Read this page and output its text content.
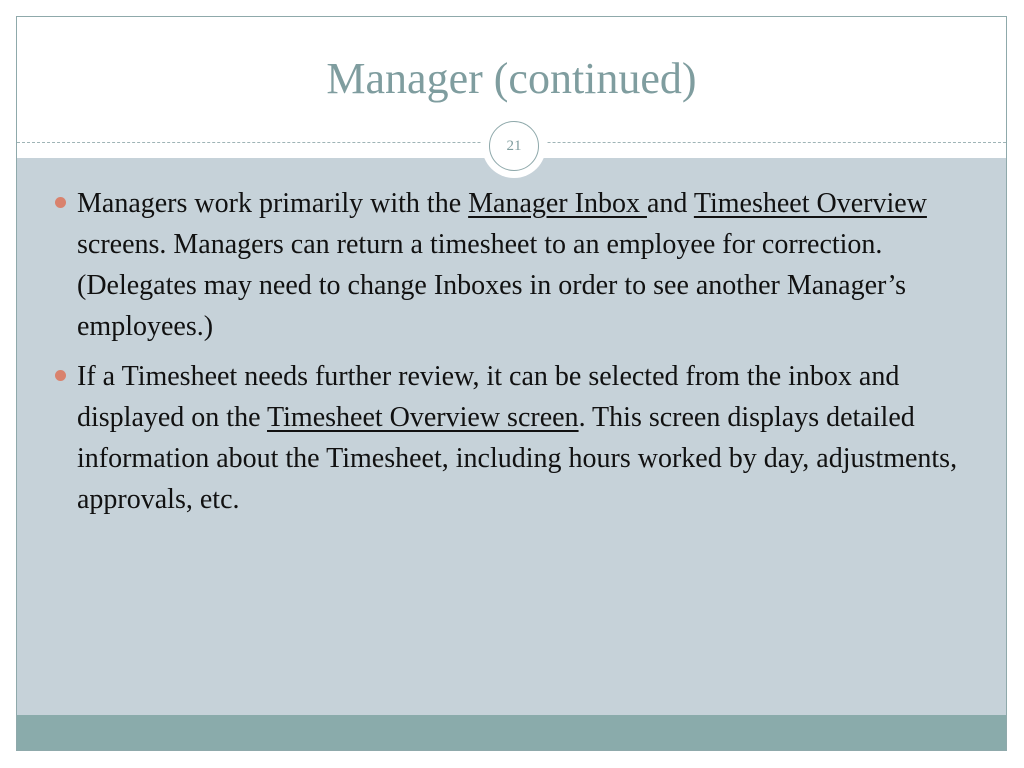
Manager (continued)
21
Managers work primarily with the Manager Inbox and Timesheet Overview screens. Managers can return a timesheet to an employee for correction. (Delegates may need to change Inboxes in order to see another Manager’s employees.)
If a Timesheet needs further review, it can be selected from the inbox and displayed on the Timesheet Overview screen. This screen displays detailed information about the Timesheet, including hours worked by day, adjustments, approvals, etc.
